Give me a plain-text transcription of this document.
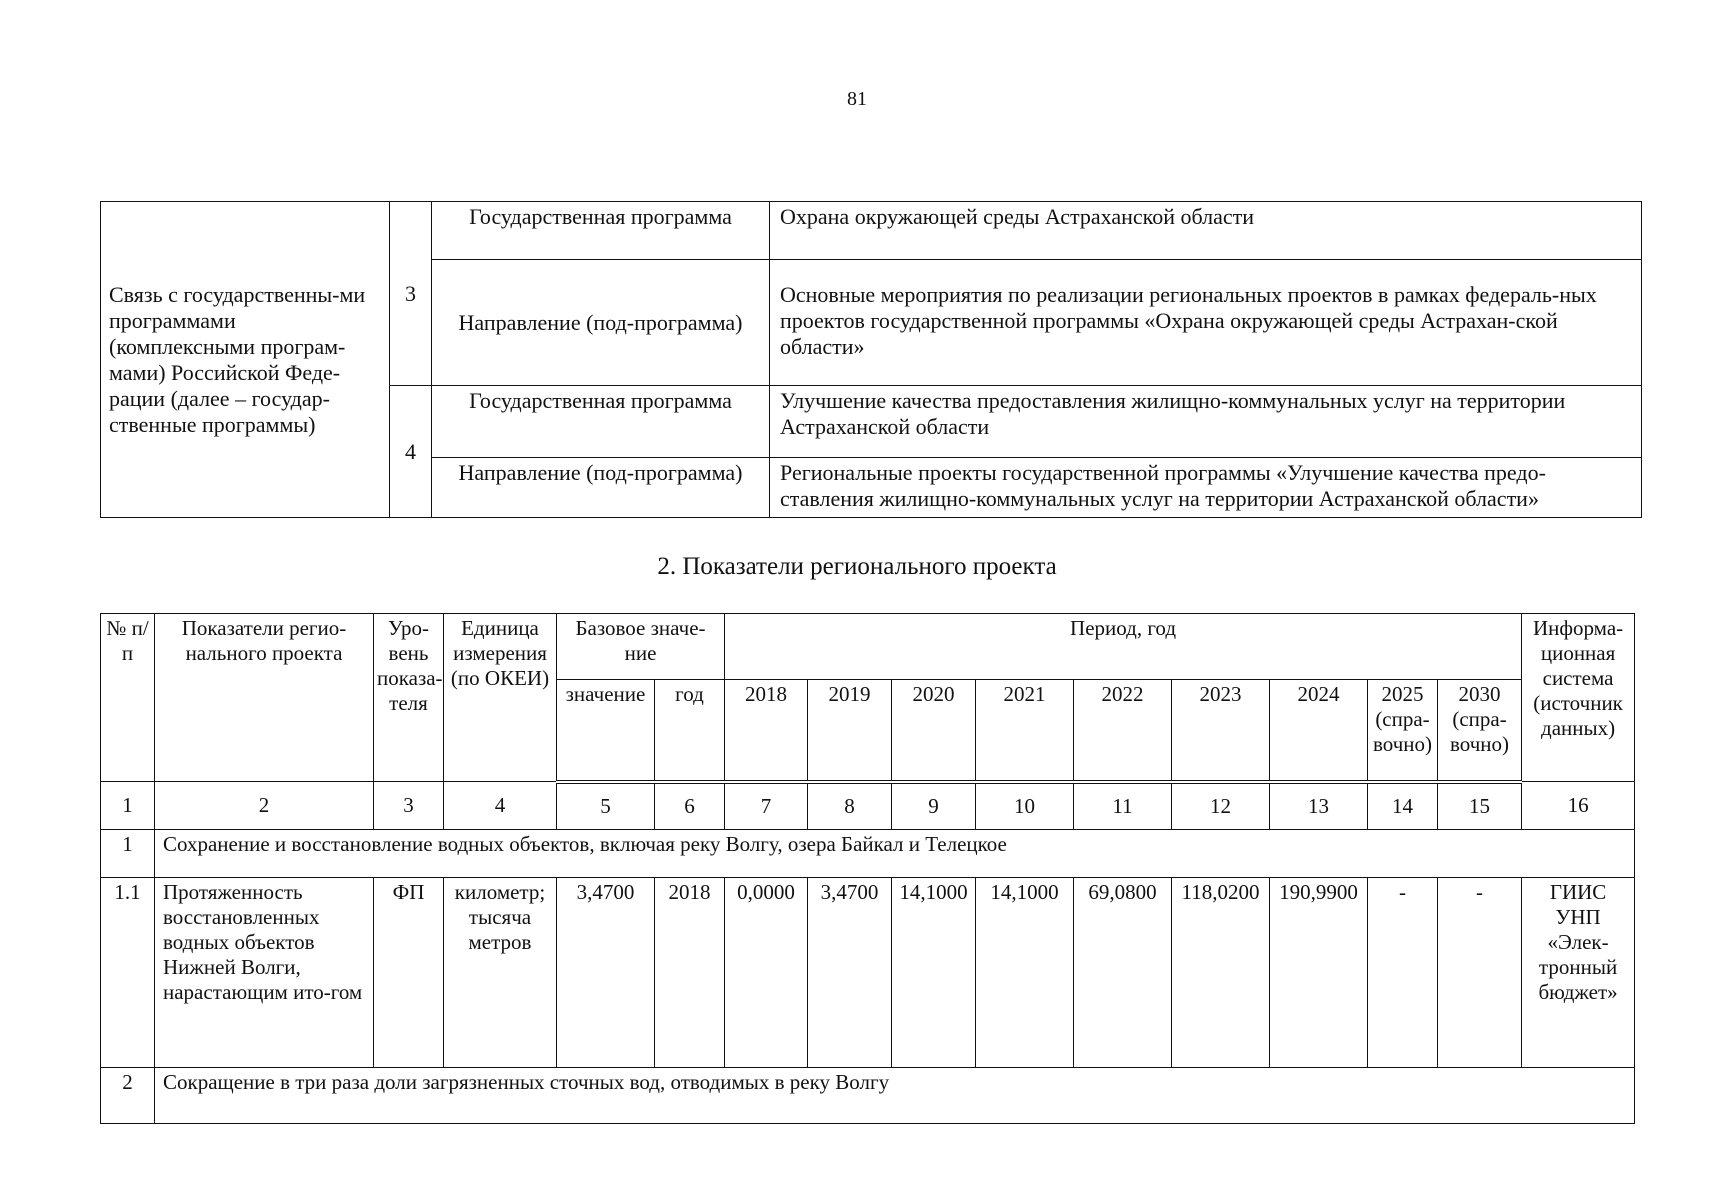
81
Связь с государственны-ми программами (комплексными програм-мами) Российской Феде-рации (далее – государ-ственные программы)	3	Государственная программа	Охрана окружающей среды Астраханской области
		Направление (под-программа)	Основные мероприятия по реализации региональных проектов в рамках федераль-ных проектов государственной программы «Охрана окружающей среды Астрахан-ской области»
	4	Государственная программа	Улучшение качества предоставления жилищно-коммунальных услуг на территории Астраханской области
		Направление (под-программа)	Региональные проекты государственной программы «Улучшение качества предо-ставления жилищно-коммунальных услуг на территории Астраханской области»
2. Показатели регионального проекта
№ п/п	Показатели регио-нального проекта	Уро-вень показа-теля	Единица измерения (по ОКЕИ)	Базовое значе-ние		Период, год									Информа-ционная система (источник данных)
				значение	год	2018	2019	2020	2021	2022	2023	2024	2025 (спра-вочно)	2030 (спра-вочно)	
1	2	3	4	5	6	7	8	9	10	11	12	13	14	15	16
1	Сохранение и восстановление водных объектов, включая реку Волгу, озера Байкал и Телецкое														
1.1	Протяженность восстановленных водных объектов Нижней Волги, нарастающим ито-гом	ФП	километр; тысяча метров	3,4700	2018	0,0000	3,4700	14,1000	14,1000	69,0800	118,0200	190,9900	-	-	ГИИС УНП «Элек-тронный бюджет»
2	Сокращение в три раза доли загрязненных сточных вод, отводимых в реку Волгу														
